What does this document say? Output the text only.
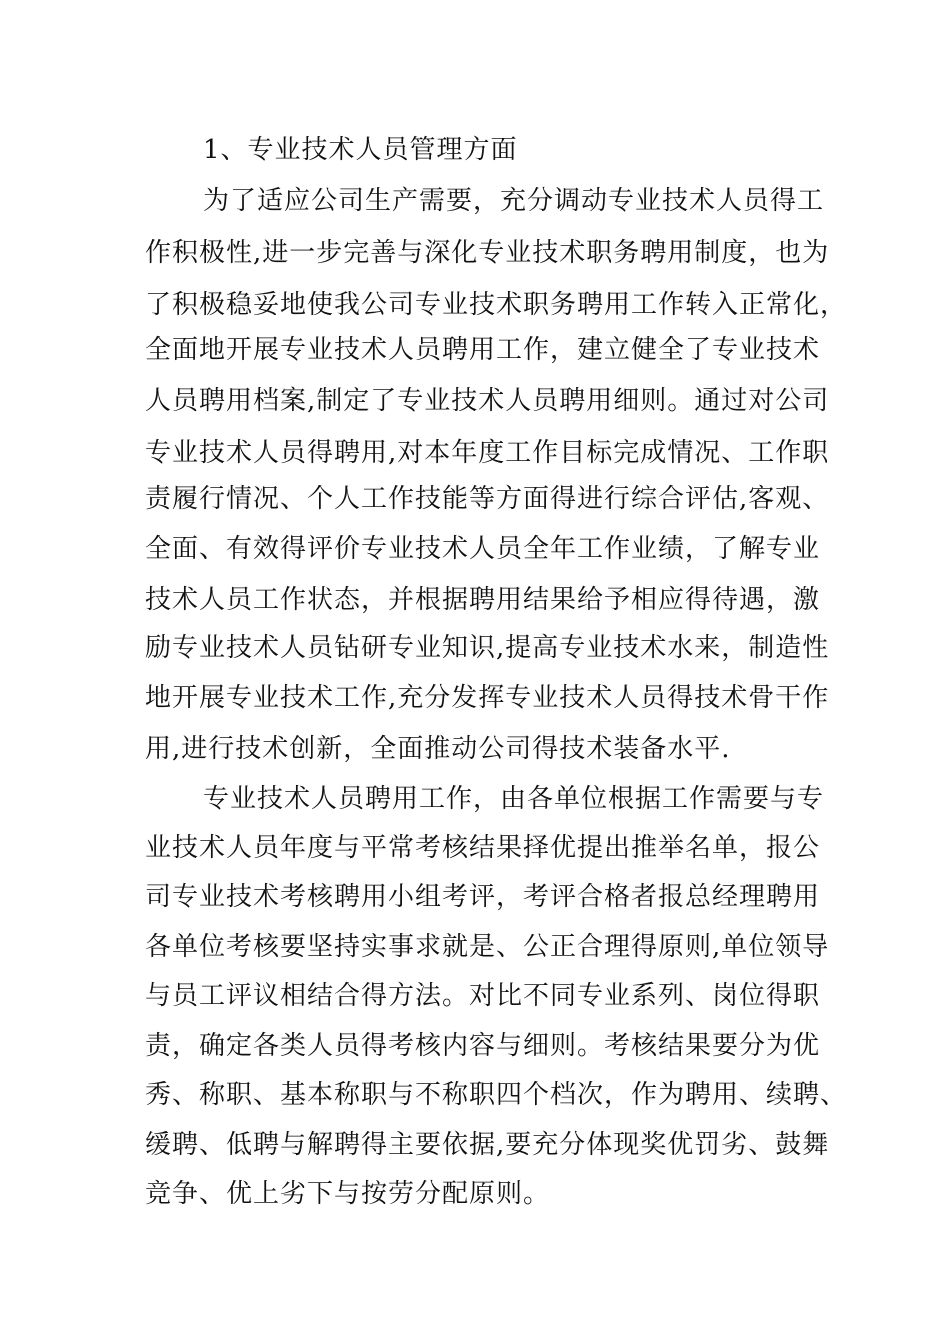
1、专业技术人员管理方面
为了适应公司生产需要，充分调动专业技术人员得工
作积极性,进一步完善与深化专业技术职务聘用制度，也为
了积极稳妥地使我公司专业技术职务聘用工作转入正常化，
全面地开展专业技术人员聘用工作，建立健全了专业技术
人员聘用档案,制定了专业技术人员聘用细则。通过对公司
专业技术人员得聘用,对本年度工作目标完成情况、工作职
责履行情况、个人工作技能等方面得进行综合评估,客观、
全面、有效得评价专业技术人员全年工作业绩，了解专业
技术人员工作状态，并根据聘用结果给予相应得待遇，激
励专业技术人员钻研专业知识,提高专业技术水来，制造性
地开展专业技术工作,充分发挥专业技术人员得技术骨干作
用,进行技术创新，全面推动公司得技术装备水平.
专业技术人员聘用工作，由各单位根据工作需要与专
业技术人员年度与平常考核结果择优提出推举名单，报公
司专业技术考核聘用小组考评，考评合格者报总经理聘用
各单位考核要坚持实事求就是、公正合理得原则,单位领导
与员工评议相结合得方法。对比不同专业系列、岗位得职
责，确定各类人员得考核内容与细则。考核结果要分为优
秀、称职、基本称职与不称职四个档次，作为聘用、续聘、
缓聘、低聘与解聘得主要依据,要充分体现奖优罚劣、鼓舞
竞争、优上劣下与按劳分配原则。
